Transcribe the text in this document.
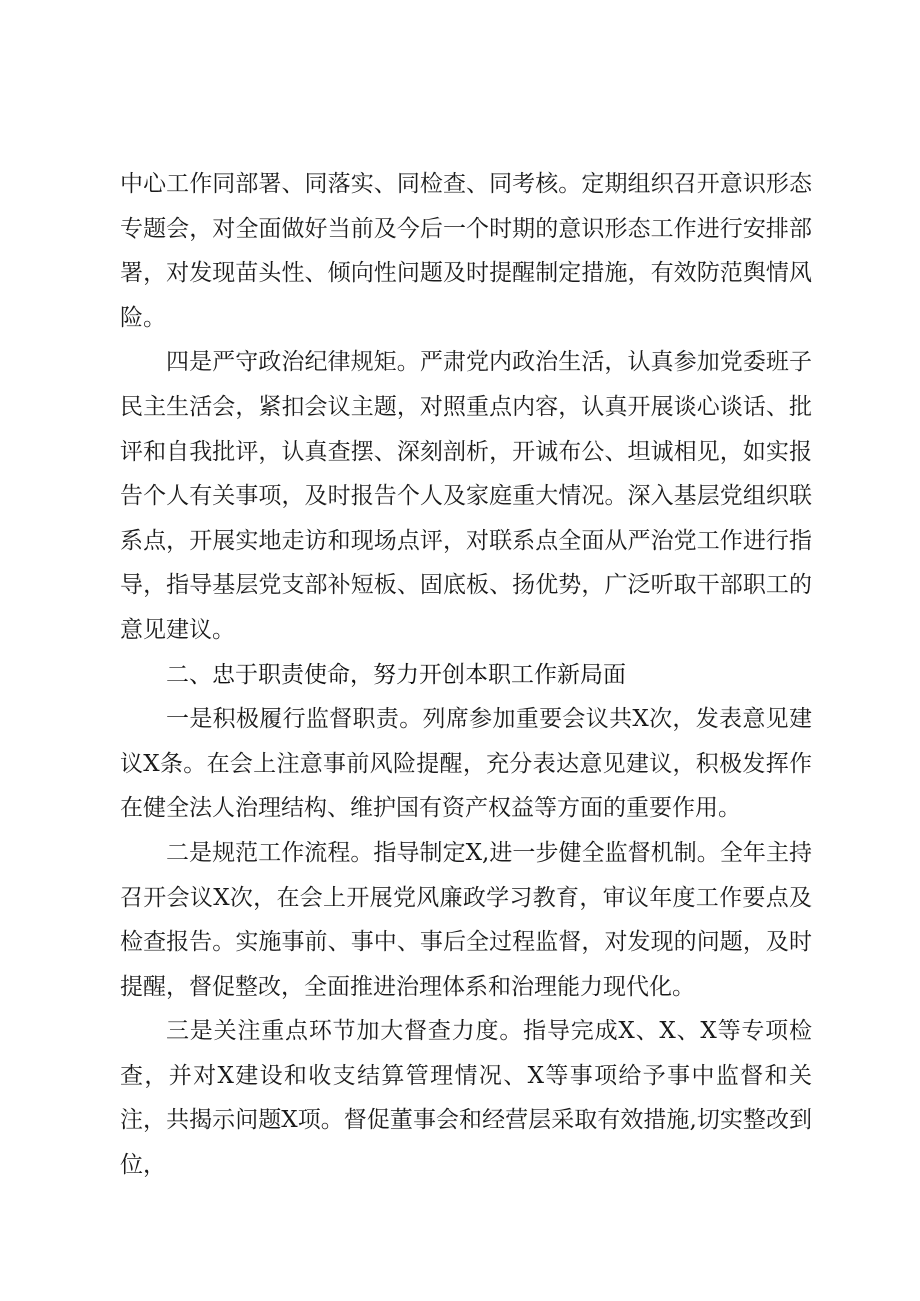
中心工作同部署、同落实、同检查、同考核。定期组织召开意识形态专题会，对全面做好当前及今后一个时期的意识形态工作进行安排部署，对发现苗头性、倾向性问题及时提醒制定措施，有效防范舆情风险。

四是严守政治纪律规矩。严肃党内政治生活，认真参加党委班子民主生活会，紧扣会议主题，对照重点内容，认真开展谈心谈话、批评和自我批评，认真查摆、深刻剖析，开诚布公、坦诚相见，如实报告个人有关事项，及时报告个人及家庭重大情况。深入基层党组织联系点，开展实地走访和现场点评，对联系点全面从严治党工作进行指导，指导基层党支部补短板、固底板、扬优势，广泛听取干部职工的意见建议。

二、忠于职责使命，努力开创本职工作新局面

一是积极履行监督职责。列席参加重要会议共X次，发表意见建议X条。在会上注意事前风险提醒，充分表达意见建议，积极发挥作在健全法人治理结构、维护国有资产权益等方面的重要作用。

二是规范工作流程。指导制定X,进一步健全监督机制。全年主持召开会议X次，在会上开展党风廉政学习教育，审议年度工作要点及检查报告。实施事前、事中、事后全过程监督，对发现的问题，及时提醒，督促整改，全面推进治理体系和治理能力现代化。

三是关注重点环节加大督查力度。指导完成X、X、X等专项检查，并对X建设和收支结算管理情况、X等事项给予事中监督和关注，共揭示问题X项。督促董事会和经营层采取有效措施,切实整改到位，
